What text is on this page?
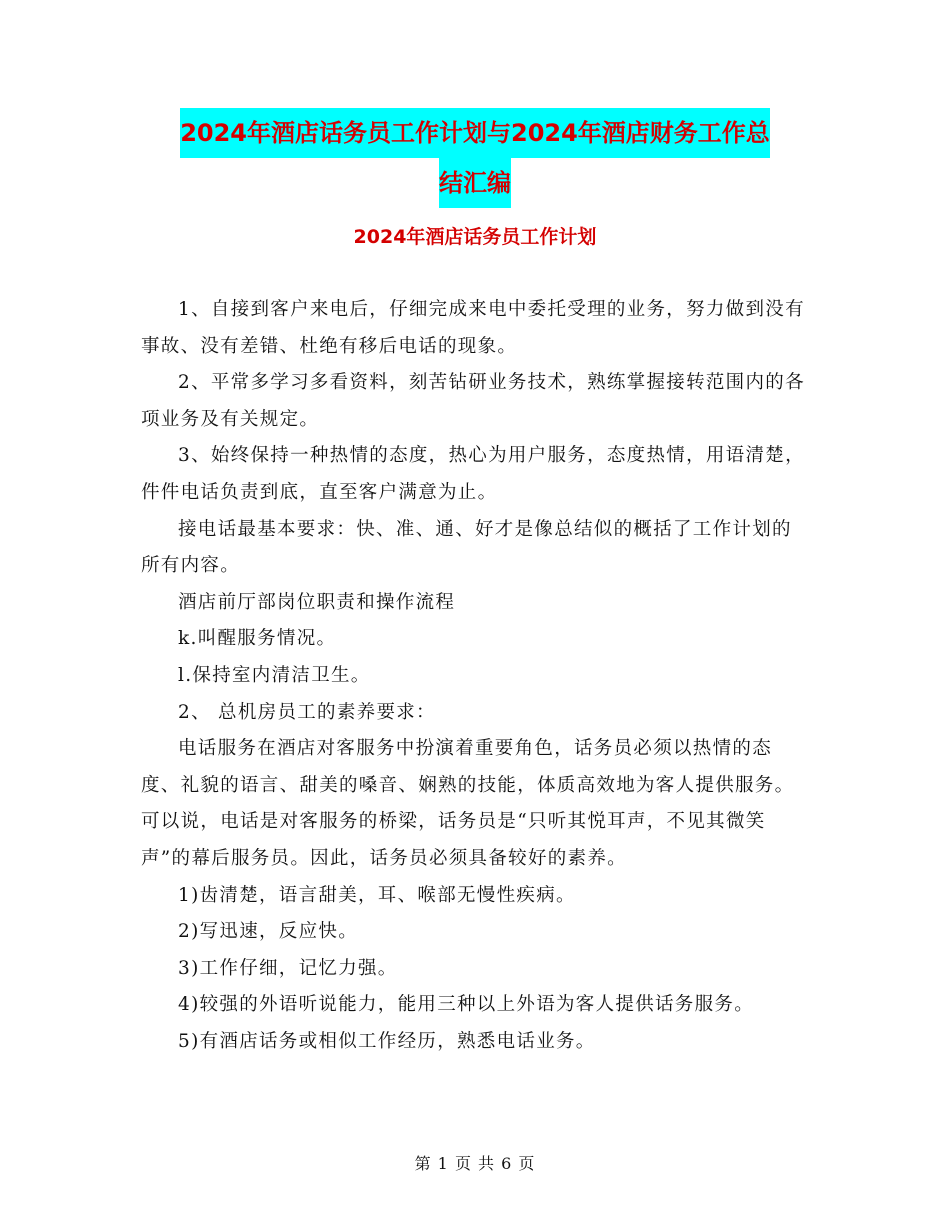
2024年酒店话务员工作计划与2024年酒店财务工作总
结汇编
2024年酒店话务员工作计划

1、自接到客户来电后，仔细完成来电中委托受理的业务，努力做到没有事故、没有差错、杜绝有移后电话的现象。

2、平常多学习多看资料，刻苦钻研业务技术，熟练掌握接转范围内的各项业务及有关规定。

3、始终保持一种热情的态度，热心为用户服务，态度热情，用语清楚，件件电话负责到底，直至客户满意为止。

接电话最基本要求：快、准、通、好才是像总结似的概括了工作计划的所有内容。

酒店前厅部岗位职责和操作流程

k.叫醒服务情况。

l.保持室内清洁卫生。

2、 总机房员工的素养要求：

电话服务在酒店对客服务中扮演着重要角色，话务员必须以热情的态度、礼貌的语言、甜美的嗓音、娴熟的技能，体质高效地为客人提供服务。可以说，电话是对客服务的桥梁，话务员是“只听其悦耳声，不见其微笑声”的幕后服务员。因此，话务员必须具备较好的素养。

1)齿清楚，语言甜美，耳、喉部无慢性疾病。

2)写迅速，反应快。

3)工作仔细，记忆力强。

4)较强的外语听说能力，能用三种以上外语为客人提供话务服务。

5)有酒店话务或相似工作经历，熟悉电话业务。

第 1 页 共 6 页
